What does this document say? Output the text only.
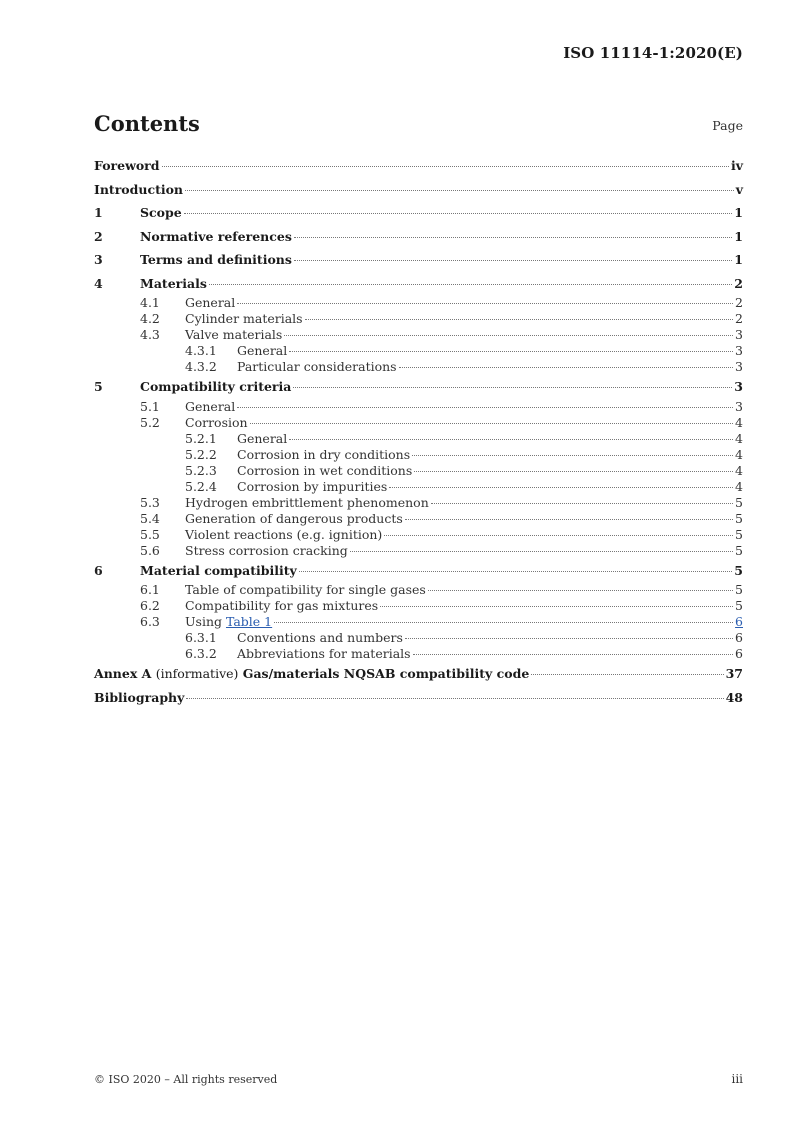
ISO 11114-1:2020(E)
Contents	Page
Foreword	iv
Introduction	v
1	Scope	1
2	Normative references	1
3	Terms and definitions	1
4	Materials	2
4.1	General	2
4.2	Cylinder materials	2
4.3	Valve materials	3
4.3.1	General	3
4.3.2	Particular considerations	3
5	Compatibility criteria	3
5.1	General	3
5.2	Corrosion	4
5.2.1	General	4
5.2.2	Corrosion in dry conditions	4
5.2.3	Corrosion in wet conditions	4
5.2.4	Corrosion by impurities	4
5.3	Hydrogen embrittlement phenomenon	5
5.4	Generation of dangerous products	5
5.5	Violent reactions (e.g. ignition)	5
5.6	Stress corrosion cracking	5
6	Material compatibility	5
6.1	Table of compatibility for single gases	5
6.2	Compatibility for gas mixtures	5
6.3	Using Table 1	6
6.3.1	Conventions and numbers	6
6.3.2	Abbreviations for materials	6
Annex A (informative) Gas/materials NQSAB compatibility code	37
Bibliography	48
© ISO 2020 – All rights reserved	iii
